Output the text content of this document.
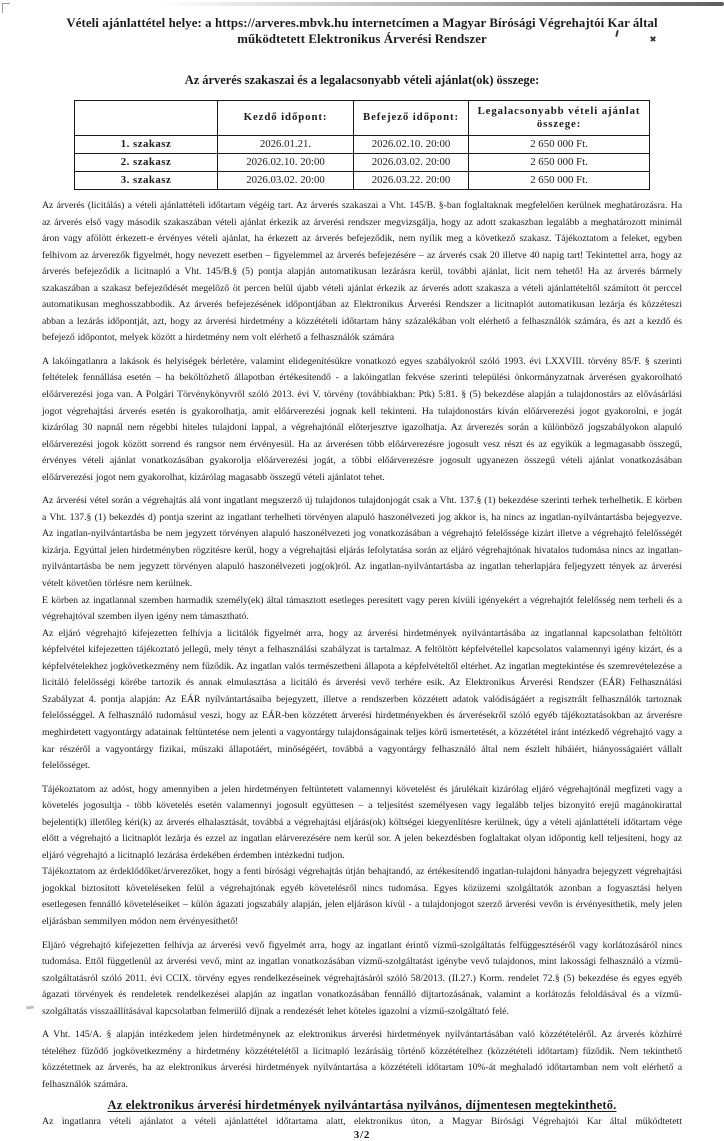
Vételi ajánlattétel helye: a https://arveres.mbvk.hu internetcímen a Magyar Bírósági Végrehajtói Kar által működtetett Elektronikus Árverési Rendszer
Az árverés szakaszai és a legalacsonyabb vételi ajánlat(ok) összege:
	Kezdő időpont:	Befejező időpont:	Legalacsonyabb vételi ajánlat összege:
1. szakasz	2026.01.21.	2026.02.10. 20:00	2 650 000 Ft.
2. szakasz	2026.02.10. 20:00	2026.03.02. 20:00	2 650 000 Ft.
3. szakasz	2026.03.02. 20:00	2026.03.22. 20:00	2 650 000 Ft.

Az árverés (licitálás) a vételi ajánlattételi időtartam végéig tart. Az árverés szakaszai a Vht. 145/B. §-ban foglaltaknak megfelelően kerülnek meghatározásra. Ha az árverés első vagy második szakaszában vételi ajánlat érkezik az árverési rendszer megvizsgálja, hogy az adott szakaszban legalább a meghatározott minimál áron vagy afölött érkezett-e érvényes vételi ajánlat, ha érkezett az árverés befejeződik, nem nyílik meg a következő szakasz. Tájékoztatom a feleket, egyben felhívom az árverezők figyelmét, hogy nevezett esetben – figyelemmel az árverés befejezésére – az árverés csak 20 illetve 40 napig tart! Tekintettel arra, hogy az árverés befejeződik a licitnapló a Vht. 145/B.§ (5) pontja alapján automatikusan lezárásra kerül, további ajánlat, licit nem tehető! Ha az árverés bármely szakaszában a szakasz befejeződését megelőző öt percen belül újabb vételi ajánlat érkezik az árverés adott szakasza a vételi ajánlattételtől számított öt perccel automatikusan meghosszabbodik. Az árverés befejezésének időpontjában az Elektronikus Árverési Rendszer a licitnaplót automatikusan lezárja és közzéteszi abban a lezárás időpontját, azt, hogy az árverési hirdetmény a közzétételi időtartam hány százalékában volt elérhető a felhasználók számára, és azt a kezdő és befejező időpontot, melyek között a hirdetmény nem volt elérhető a felhasználók számára

A lakóingatlanra a lakások és helyiségek bérletére, valamint elidegenítésükre vonatkozó egyes szabályokról szóló 1993. évi LXXVIII. törvény 85/F. § szerinti feltételek fennállása esetén – ha beköltözhető állapotban értékesítendő - a lakóingatlan fekvése szerinti települési önkormányzatnak árverésen gyakorolható előárverezési joga van. A Polgári Törvénykönyvről szóló 2013. évi V. törvény (továbbiakban: Ptk) 5:81. § (5) bekezdése alapján a tulajdonostárs az elővásárlási jogot végrehajtási árverés esetén is gyakorolhatja, amit előárverezési jognak kell tekinteni. Ha tulajdonostárs kíván előárverezési jogot gyakorolni, e jogát kizárólag 30 napnál nem régebbi hiteles tulajdoni lappal, a végrehajtónál előterjesztve igazolhatja. Az árverezés során a különböző jogszabályokon alapuló előárverezési jogok között sorrend és rangsor nem érvényesül. Ha az árverésen több előárverezésre jogosult vesz részt és az egyikük a legmagasabb összegű, érvényes vételi ajánlat vonatkozásában gyakorolja előárverezési jogát, a többi előárverezésre jogosult ugyanezen összegű vételi ajánlat vonatkozásában előárverezési jogot nem gyakorolhat, kizárólag magasabb összegű vételi ajánlatot tehet.

Az árverési vétel során a végrehajtás alá vont ingatlant megszerző új tulajdonos tulajdonjogát csak a Vht. 137.§ (1) bekezdése szerinti terhek terhelhetik. E körben a Vht. 137.§ (1) bekezdés d) pontja szerint az ingatlant terhelheti törvényen alapuló haszonélvezeti jog akkor is, ha nincs az ingatlan-nyilvántartásba bejegyezve. Az ingatlan-nyilvántartásba be nem jegyzett törvényen alapuló haszonélvezeti jog vonatkozásában a végrehajtó felelőssége kizárt illetve a végrehajtó felelősségét kizárja. Egyúttal jelen hirdetményben rögzítésre kerül, hogy a végrehajtási eljárás lefolytatása során az eljáró végrehajtónak hivatalos tudomása nincs az ingatlan-nyilvántartásba be nem jegyzett törvényen alapuló haszonélvezeti jog(ok)ról. Az ingatlan-nyilvántartásba az ingatlan teherlapjára feljegyzett tények az árverési vételt követően törlésre nem kerülnek.

E körben az ingatlannal szemben harmadik személy(ek) által támasztott esetleges peresített vagy peren kívüli igényekért a végrehajtót felelősség nem terheli és a végrehajtóval szemben ilyen igény nem támasztható.

Az eljáró végrehajtó kifejezetten felhívja a licitálók figyelmét arra, hogy az árverési hirdetmények nyilvántartásába az ingatlannal kapcsolatban feltöltött képfelvétel kifejezetten tájékoztató jellegű, mely tényt a felhasználási szabályzat is tartalmaz. A feltöltött képfelvétellel kapcsolatos valamennyi igény kizárt, és a képfelvételekhez jogkövetkezmény nem fűződik. Az ingatlan valós természetbeni állapota a képfelvételtől eltérhet. Az ingatlan megtekintése és szemrevételezése a licitáló felelősségi körébe tartozik és annak elmulasztása a licitáló és árverési vevő terhére esik. Az Elektronikus Árverési Rendszer (EÁR) Felhasználási Szabályzat 4. pontja alapján: Az EÁR nyilvántartásaiba bejegyzett, illetve a rendszerben közzétett adatok valódiságáért a regisztrált felhasználók tartoznak felelősséggel. A felhasználó tudomásul veszi, hogy az EÁR-ben közzétett árverési hirdetményekben és árverésekről szóló egyéb tájékoztatásokban az árverésre meghirdetett vagyontárgy adatainak feltüntetése nem jelenti a vagyontárgy tulajdonságainak teljes körű ismertetését, a közzététel iránt intézkedő végrehajtó vagy a kar részéről a vagyontárgy fizikai, műszaki állapotáért, minőségéért, továbbá a vagyontárgy felhasználó által nem észlelt hibáiért, hiányosságaiért vállalt felelősséget.

Tájékoztatom az adóst, hogy amennyiben a jelen hirdetményen feltüntetett valamennyi követelést és járulékait kizárólag eljáró végrehajtónál megfizeti vagy a követelés jogosultja - több követelés esetén valamennyi jogosult együttesen – a teljesítést személyesen vagy legalább teljes bizonyító erejű magánokirattal bejelenti(k) illetőleg kéri(k) az árverés elhalasztását, továbbá a végrehajtási eljárás(ok) költségei kiegyenlítésre kerülnek, úgy a vételi ajánlattételi időtartam vége előtt a végrehajtó a licitnaplót lezárja és ezzel az ingatlan elárverezésére nem kerül sor. A jelen bekezdésben foglaltakat olyan időpontig kell teljesíteni, hogy az eljáró végrehajtó a licitnapló lezárása érdekében érdemben intézkedni tudjon.

Tájékoztatom az érdeklődőket/árverezőket, hogy a fenti bírósági végrehajtás útján behajtandó, az értékesítendő ingatlan-tulajdoni hányadra bejegyzett végrehajtási jogokkal biztosított követeléseken felül a végrehajtónak egyéb követelésről nincs tudomása. Egyes közüzemi szolgáltatók azonban a fogyasztási helyen esetlegesen fennálló követeléseiket – külön ágazati jogszabály alapján, jelen eljáráson kívül - a tulajdonjogot szerző árverési vevőn is érvényesíthetik, mely jelen eljárásban semmilyen módon nem érvényesíthető!

Eljáró végrehajtó kifejezetten felhívja az árverési vevő figyelmét arra, hogy az ingatlant érintő vízmű-szolgáltatás felfüggesztéséről vagy korlátozásáról nincs tudomása. Ettől függetlenül az árverési vevő, mint az ingatlan vonatkozásában vízmű-szolgáltatást igénybe vevő tulajdonos, mint lakossági felhasználó a vízmű-szolgáltatásról szóló 2011. évi CCIX. törvény egyes rendelkezéseinek végrehajtásáról szóló 58/2013. (II.27.) Korm. rendelet 72.§ (5) bekezdése és egyes egyéb ágazati törvények és rendeletek rendelkezései alapján az ingatlan vonatkozásában fennálló díjtartozásának, valamint a korlátozás feloldásával és a vízmű-szolgáltatás visszaállításával kapcsolatban felmerülő díjnak a rendezését lehet köteles igazolni a vízmű-szolgáltató felé.

A Vht. 145/A. § alapján intézkedem jelen hirdetménynek az elektronikus árverési hirdetmények nyilvántartásában való közzétételéről. Az árverés közhírré tételéhez fűződő jogkövetkezmény a hirdetmény közzétételétől a licitnapló lezárásáig történő közzétételhez (közzétételi időtartam) fűződik. Nem tekinthető közzétettnek az árverés, ha az elektronikus árverési hirdetmények nyilvántartása a közzétételi időtartam 10%-át meghaladó időtartamban nem volt elérhető a felhasználók számára.

Az elektronikus árverési hirdetmények nyilvántartása nyilvános, díjmentesen megtekinthető.

Az ingatlanra vételi ajánlatot a vételi ajánlattétel időtartama alatt, elektronikus úton, a Magyar Bírósági Végrehajtói Kar által működtetett

3/2
